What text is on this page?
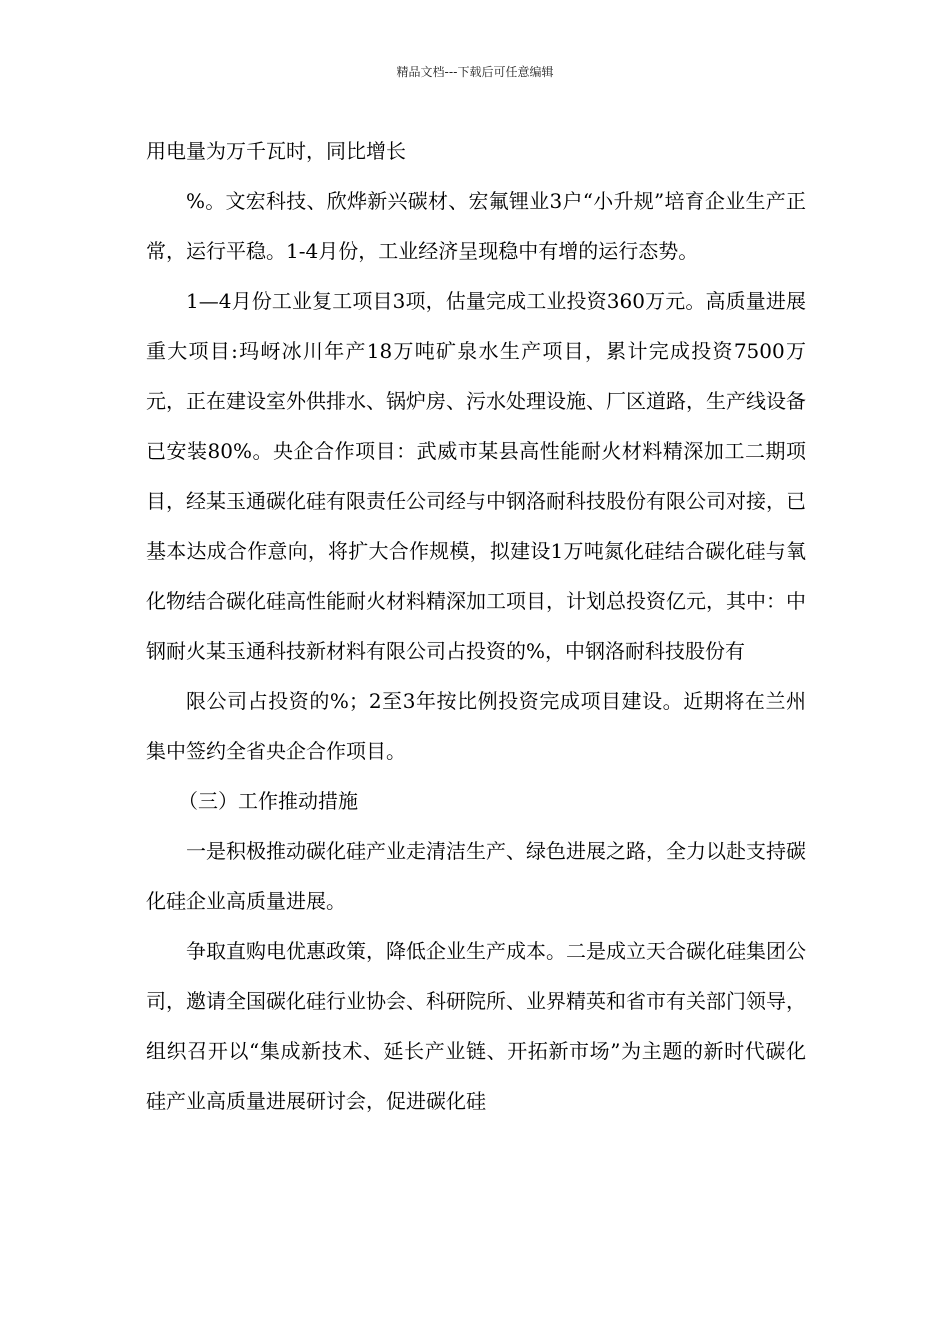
精品文档---下载后可任意编辑

用电量为万千瓦时，同比增长

%。文宏科技、欣烨新兴碳材、宏氟锂业3户“小升规”培育企业生产正常，运行平稳。1-4月份，工业经济呈现稳中有增的运行态势。

1—4月份工业复工项目3项，估量完成工业投资360万元。高质量进展重大项目:玛岈冰川年产18万吨矿泉水生产项目，累计完成投资7500万元，正在建设室外供排水、锅炉房、污水处理设施、厂区道路，生产线设备已安装80%。央企合作项目：武威市某县高性能耐火材料精深加工二期项目，经某玉通碳化硅有限责任公司经与中钢洛耐科技股份有限公司对接，已基本达成合作意向，将扩大合作规模，拟建设1万吨氮化硅结合碳化硅与氧化物结合碳化硅高性能耐火材料精深加工项目，计划总投资亿元，其中：中钢耐火某玉通科技新材料有限公司占投资的%，中钢洛耐科技股份有

限公司占投资的%；2至3年按比例投资完成项目建设。近期将在兰州集中签约全省央企合作项目。

（三）工作推动措施

一是积极推动碳化硅产业走清洁生产、绿色进展之路，全力以赴支持碳化硅企业高质量进展。

争取直购电优惠政策，降低企业生产成本。二是成立天合碳化硅集团公司，邀请全国碳化硅行业协会、科研院所、业界精英和省市有关部门领导，组织召开以“集成新技术、延长产业链、开拓新市场”为主题的新时代碳化硅产业高质量进展研讨会，促进碳化硅
